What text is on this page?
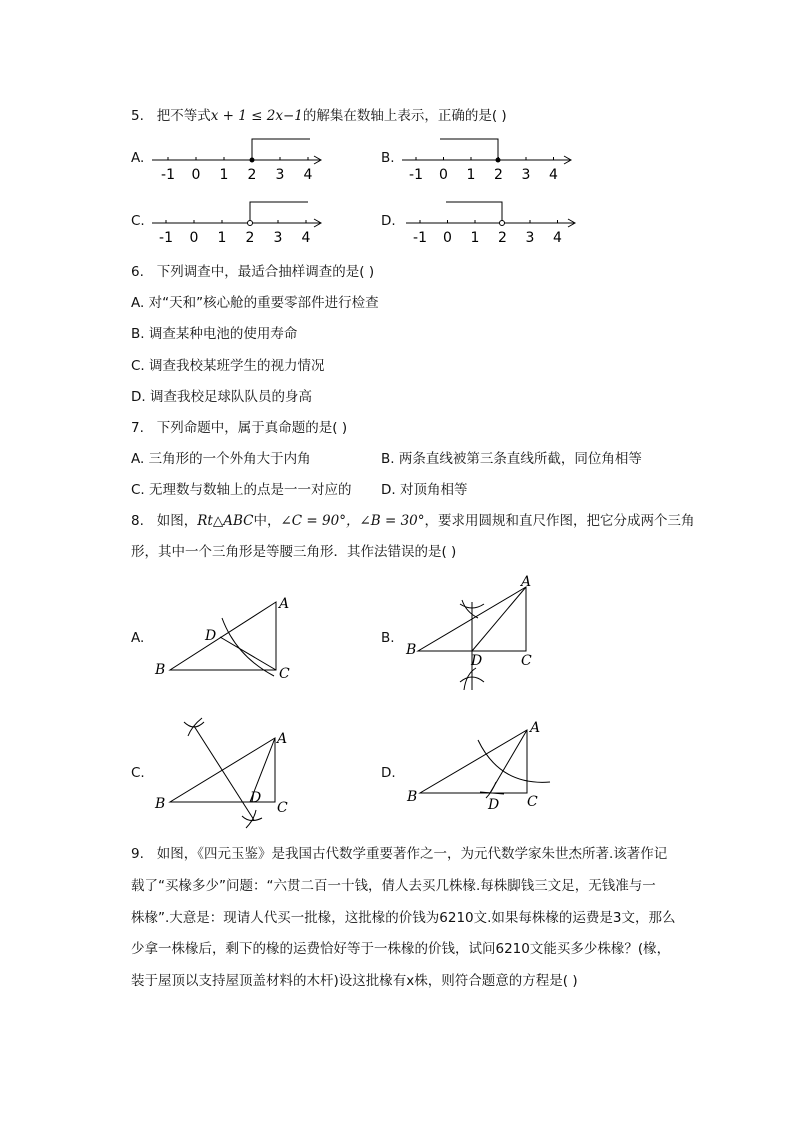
5. 把不等式x + 1 ≤ 2x−1的解集在数轴上表示，正确的是( )
A.
-1 0 1 2 3 4
B.
-1 0 1 2 3 4
C.
-1 0 1 2 3 4
D.
-1 0 1 2 3 4
6. 下列调查中，最适合抽样调查的是( )
A. 对“天和”核心舱的重要零部件进行检查
B. 调查某种电池的使用寿命
C. 调查我校某班学生的视力情况
D. 调查我校足球队队员的身高
7. 下列命题中，属于真命题的是( )
A. 三角形的一个外角大于内角	B. 两条直线被第三条直线所截，同位角相等
C. 无理数与数轴上的点是一一对应的 D. 对顶角相等
8. 如图，Rt△ABC中，∠C = 90°，∠B = 30°，要求用圆规和直尺作图，把它分成两个三角
形，其中一个三角形是等腰三角形．其作法错误的是( )
A.
A
B	C
D	B.
A
B
C
D
C.
A
B	C
D
D.
A
B	C
D
9. 如图，《四元玉鉴》是我国古代数学重要著作之一，为元代数学家朱世杰所著.该著作记
载了“买椽多少”问题：“六贯二百一十钱，倩人去买几株椽.每株脚钱三文足，无钱准与一
株椽”.大意是：现请人代买一批椽，这批椽的价钱为6210文.如果每株椽的运费是3文，那么
少拿一株椽后，剩下的椽的运费恰好等于一株椽的价钱，试问6210文能买多少株椽？(椽，
装于屋顶以支持屋顶盖材料的木杆)设这批椽有x株，则符合题意的方程是( )
